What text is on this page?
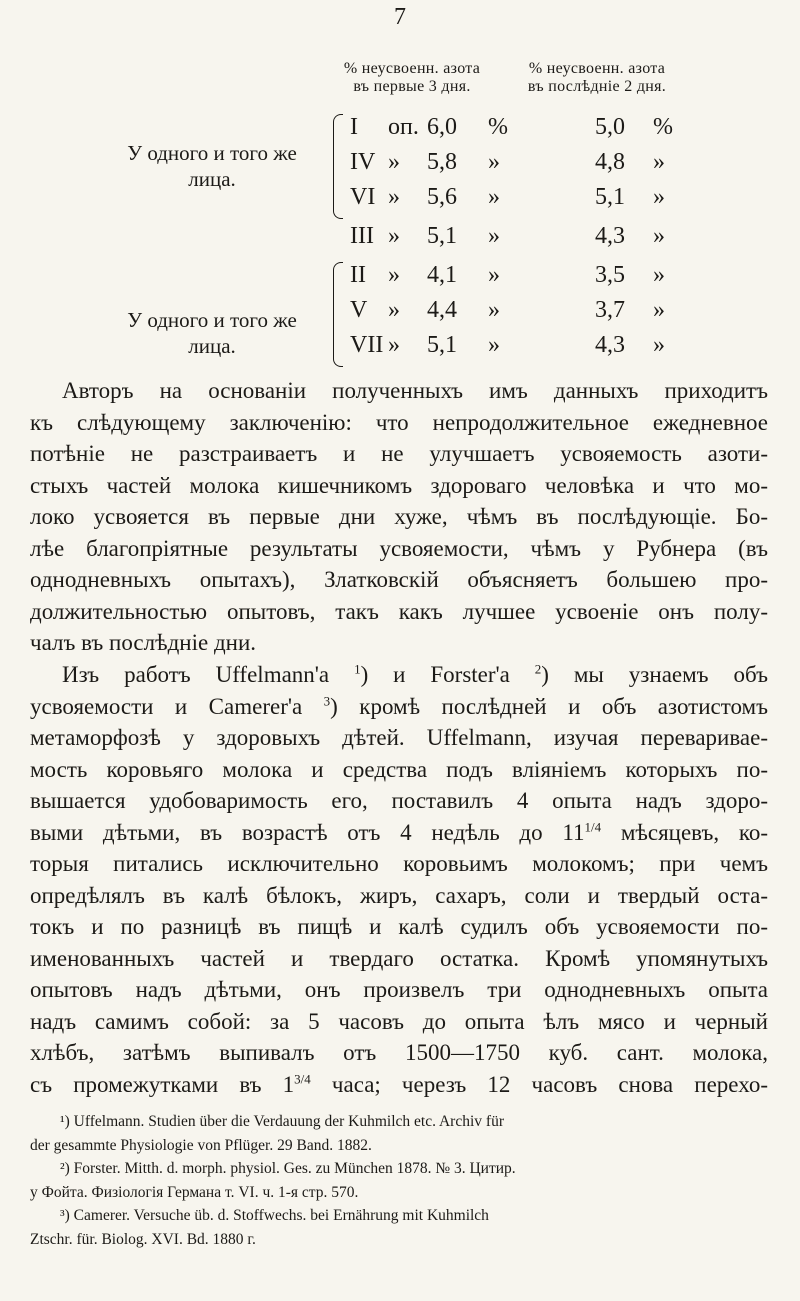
7
% неусвоенн. азота
въ первые 3 дня.
% неусвоенн. азота
въ послѣдніе 2 дня.
У одного и того же
лица.
У одного и того же
лица.
I оп. 6,0 %	5,0 %
IV » 5,8 »	4,8 »
VI » 5,6 »	5,1 »
III » 5,1 »	4,3 »
II » 4,1 »	3,5 »
V » 4,4 »	3,7 »
VII » 5,1 »	4,3 »
Авторъ на основаніи полученныхъ имъ данныхъ приходитъ
къ слѣдующему заключенію: что непродолжительное ежедневное
потѣніе не разстраиваетъ и не улучшаетъ усвояемость азоти-
стыхъ частей молока кишечникомъ здороваго человѣка и что мо-
локо усвояется въ первые дни хуже, чѣмъ въ послѣдующіе. Бо-
лѣе благопріятные результаты усвояемости, чѣмъ у Рубнера (въ
однодневныхъ опытахъ), Златковскій объясняетъ большею про-
должительностью опытовъ, такъ какъ лучшее усвоеніе онъ полу-
чалъ въ послѣдніе дни.
Изъ работъ Uffelmann'а $^1$) и Forster'а $^2$) мы узнаемъ объ
усвояемости и Camerer'а $^3$) кромѣ послѣдней и объ азотистомъ
метаморфозѣ у здоровыхъ дѣтей. Uffelmann, изучая переваривае-
мость коровьяго молока и средства подъ вліяніемъ которыхъ по-
вышается удобоваримость его, поставилъ 4 опыта надъ здоро-
выми дѣтьми, въ возрастѣ отъ 4 недѣль до $11^{1/4}$ мѣсяцевъ, ко-
торыя питались исключительно коровьимъ молокомъ; при чемъ
опредѣлялъ въ калѣ бѣлокъ, жиръ, сахаръ, соли и твердый оста-
токъ и по разницѣ въ пищѣ и калѣ судилъ объ усвояемости по-
именованныхъ частей и твердаго остатка. Кромѣ упомянутыхъ
опытовъ надъ дѣтьми, онъ произвелъ три однодневныхъ опыта
надъ самимъ собой: за 5 часовъ до опыта ѣлъ мясо и черный
хлѣбъ, затѣмъ выпивалъ отъ 1500—1750 куб. сант. молока,
съ промежутками въ $1^{3/4}$ часа; черезъ 12 часовъ снова перехо-
¹) Uffelmann. Studien über die Verdauung der Kuhmilch etc. Archiv für
der gesammte Physiologie von Pflüger. 29 Band. 1882.
²) Forster. Mitth. d. morph. physiol. Ges. zu München 1878. № 3. Цитир.
у Фойта. Физіологія Германа т. VI. ч. 1-я стр. 570.
³) Camerer. Versuche üb. d. Stoffwechs. bei Ernährung mit Kuhmilch
Ztschr. für. Biolog. XVI. Bd. 1880 г.
